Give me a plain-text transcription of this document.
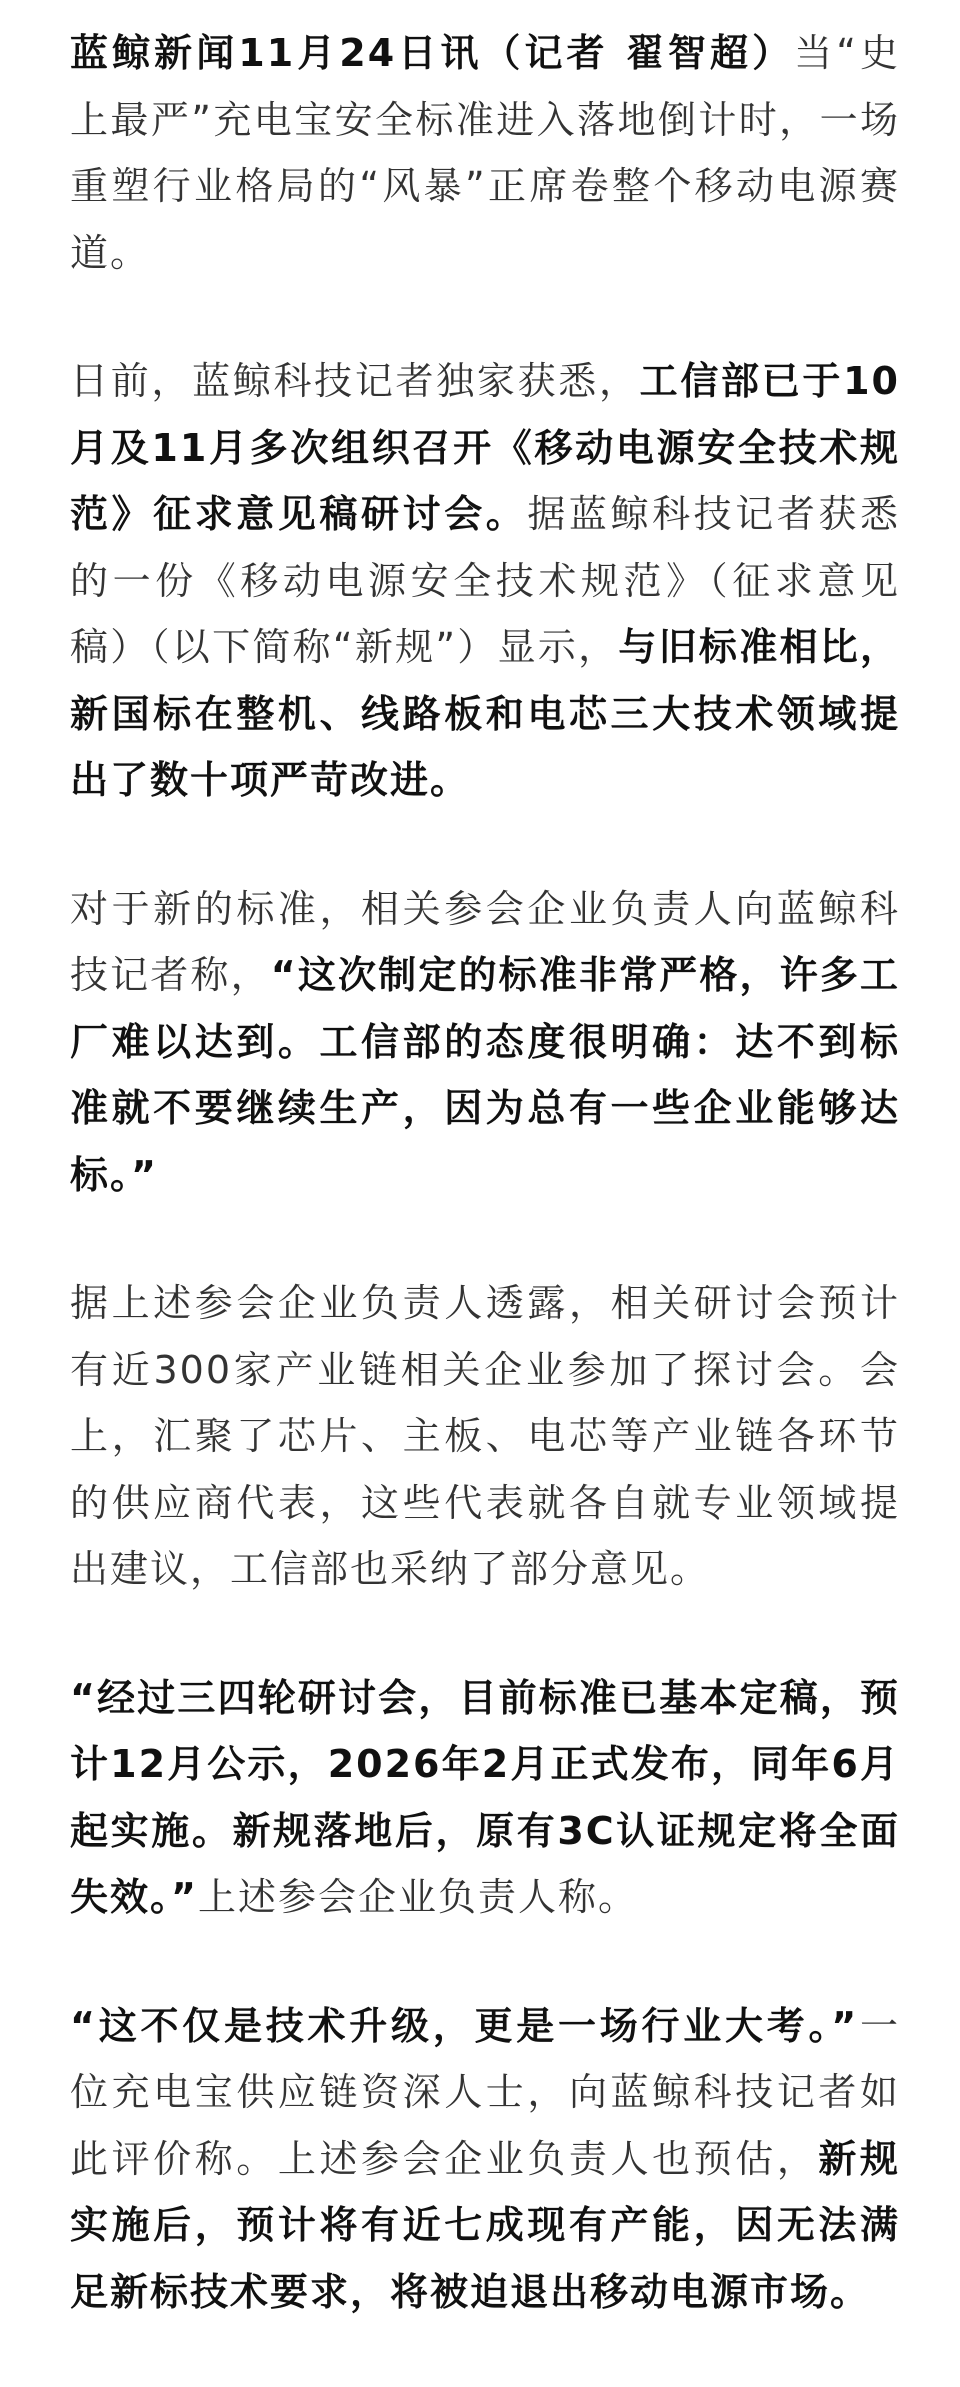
蓝鲸新闻11月24日讯（记者 翟智超）当“史上最严”充电宝安全标准进入落地倒计时，一场重塑行业格局的“风暴”正席卷整个移动电源赛道。

日前，蓝鲸科技记者独家获悉，工信部已于10月及11月多次组织召开《移动电源安全技术规范》征求意见稿研讨会。据蓝鲸科技记者获悉的一份《移动电源安全技术规范》（征求意见稿）（以下简称“新规”）显示，与旧标准相比，新国标在整机、线路板和电芯三大技术领域提出了数十项严苛改进。

对于新的标准，相关参会企业负责人向蓝鲸科技记者称，“这次制定的标准非常严格，许多工厂难以达到。工信部的态度很明确：达不到标准就不要继续生产，因为总有一些企业能够达标。”

据上述参会企业负责人透露，相关研讨会预计有近300家产业链相关企业参加了探讨会。会上，汇聚了芯片、主板、电芯等产业链各环节的供应商代表，这些代表就各自就专业领域提出建议，工信部也采纳了部分意见。

“经过三四轮研讨会，目前标准已基本定稿，预计12月公示，2026年2月正式发布，同年6月起实施。新规落地后，原有3C认证规定将全面失效。”上述参会企业负责人称。

“这不仅是技术升级，更是一场行业大考。”一位充电宝供应链资深人士，向蓝鲸科技记者如此评价称。上述参会企业负责人也预估，新规实施后，预计将有近七成现有产能，因无法满足新标技术要求，将被迫退出移动电源市场。
